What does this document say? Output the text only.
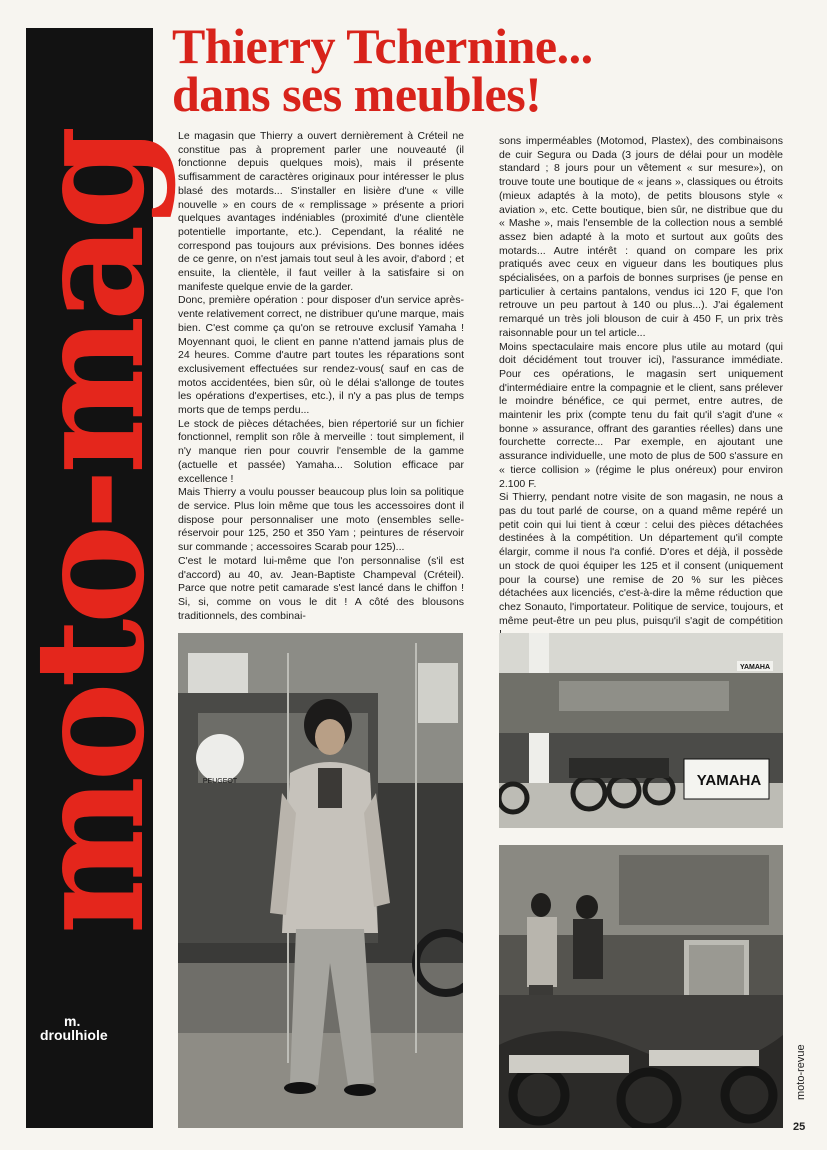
moto-mag
m.
droulhiole
Thierry Tchernine...
dans ses meubles!

Le magasin que Thierry a ouvert dernièrement à Créteil ne constitue pas à proprement parler une nouveauté (il fonctionne depuis quelques mois), mais il présente suffisamment de caractères originaux pour intéresser le plus blasé des motards... S'installer en lisière d'une « ville nouvelle » en cours de « remplissage » présente a priori quelques avantages indéniables (proximité d'une clientèle potentielle importante, etc.). Cependant, la réalité ne correspond pas toujours aux prévisions. Des bonnes idées de ce genre, on n'est jamais tout seul à les avoir, d'abord ; et ensuite, la clientèle, il faut veiller à la satisfaire si on manifeste quelque envie de la garder.

Donc, première opération : pour disposer d'un service après-vente relativement correct, ne distribuer qu'une marque, mais bien. C'est comme ça qu'on se retrouve exclusif Yamaha ! Moyennant quoi, le client en panne n'attend jamais plus de 24 heures. Comme d'autre part toutes les réparations sont exclusivement effectuées sur rendez-vous( sauf en cas de motos accidentées, bien sûr, où le délai s'allonge de toutes les opérations d'expertises, etc.), il n'y a pas plus de temps morts que de temps perdu...

Le stock de pièces détachées, bien répertorié sur un fichier fonctionnel, remplit son rôle à merveille : tout simplement, il n'y manque rien pour couvrir l'ensemble de la gamme (actuelle et passée) Yamaha... Solution efficace par excellence !

Mais Thierry a voulu pousser beaucoup plus loin sa politique de service. Plus loin même que tous les accessoires dont il dispose pour personnaliser une moto (ensembles selle-réservoir pour 125, 250 et 350 Yam ; peintures de réservoir sur commande ; accessoires Scarab pour 125)...

C'est le motard lui-même que l'on personnalise (s'il est d'accord) au 40, av. Jean-Baptiste Champeval (Créteil). Parce que notre petit camarade s'est lancé dans le chiffon ! Si, si, comme on vous le dit ! A côté des blousons traditionnels, des combinai-

sons imperméables (Motomod, Plastex), des combinaisons de cuir Segura ou Dada (3 jours de délai pour un modèle standard ; 8 jours pour un vêtement « sur mesure»), on trouve toute une boutique de « jeans », classiques ou étroits (mieux adaptés à la moto), de petits blousons style « aviation », etc. Cette boutique, bien sûr, ne distribue que du « Mashe », mais l'ensemble de la collection nous a semblé assez bien adapté à la moto et surtout aux goûts des motards... Autre intérêt : quand on compare les prix pratiqués avec ceux en vigueur dans les boutiques plus spécialisées, on a parfois de bonnes surprises (je pense en particulier à certains pantalons, vendus ici 120 F, que l'on retrouve un peu partout à 140 ou plus...). J'ai également remarqué un très joli blouson de cuir à 450 F, un prix très raisonnable pour un tel article...

Moins spectaculaire mais encore plus utile au motard (qui doit décidément tout trouver ici), l'assurance immédiate. Pour ces opérations, le magasin sert uniquement d'intermédiaire entre la compagnie et le client, sans prélever le moindre bénéfice, ce qui permet, entre autres, de maintenir les prix (compte tenu du fait qu'il s'agit d'une « bonne » assurance, offrant des garanties réelles) dans une fourchette correcte... Par exemple, en ajoutant une assurance individuelle, une moto de plus de 500 s'assure en « tierce collision » (régime le plus onéreux) pour environ 2.100 F.

Si Thierry, pendant notre visite de son magasin, ne nous a pas du tout parlé de course, on a quand même repéré un petit coin qui lui tient à cœur : celui des pièces détachées destinées à la compétition. Un département qu'il compte élargir, comme il nous l'a confié. D'ores et déjà, il possède un stock de quoi équiper les 125 et il consent (uniquement pour la course) une remise de 20 % sur les pièces détachées aux licenciés, c'est-à-dire la même réduction que chez Sonauto, l'importateur. Politique de service, toujours, et même peut-être un peu plus, puisqu'il s'agit de compétition

PEUGEOT
YAMAHA
YAMAHA
moto-revue
25
